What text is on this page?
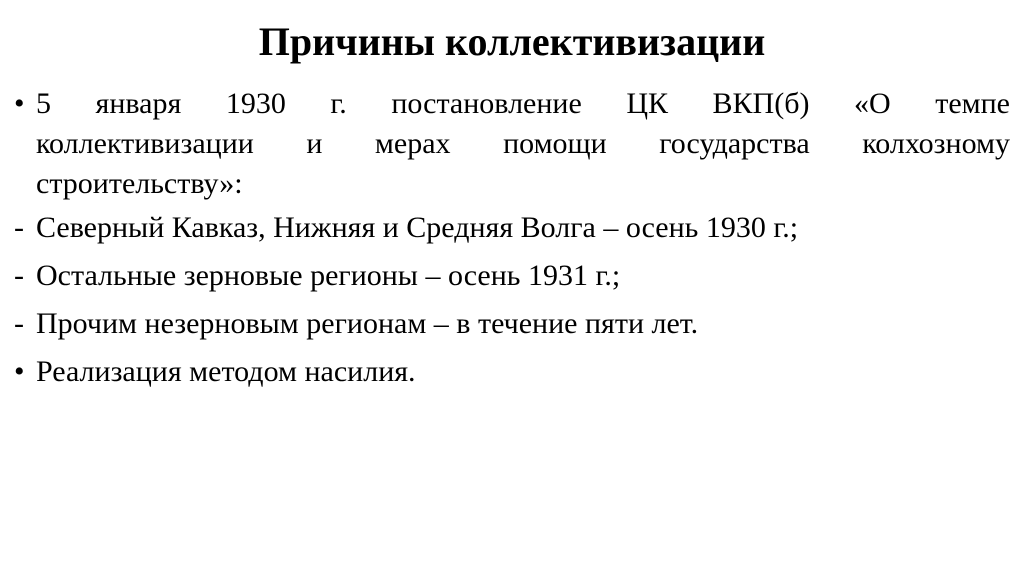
Причины коллективизации
• 5 января 1930 г. постановление ЦК ВКП(б) «О темпе
коллективизации и мерах помощи государства колхозному
строительству»:
- Северный Кавказ, Нижняя и Средняя Волга – осень 1930 г.;
- Остальные зерновые регионы – осень 1931 г.;
- Прочим незерновым регионам – в течение пяти лет.
• Реализация методом насилия.
